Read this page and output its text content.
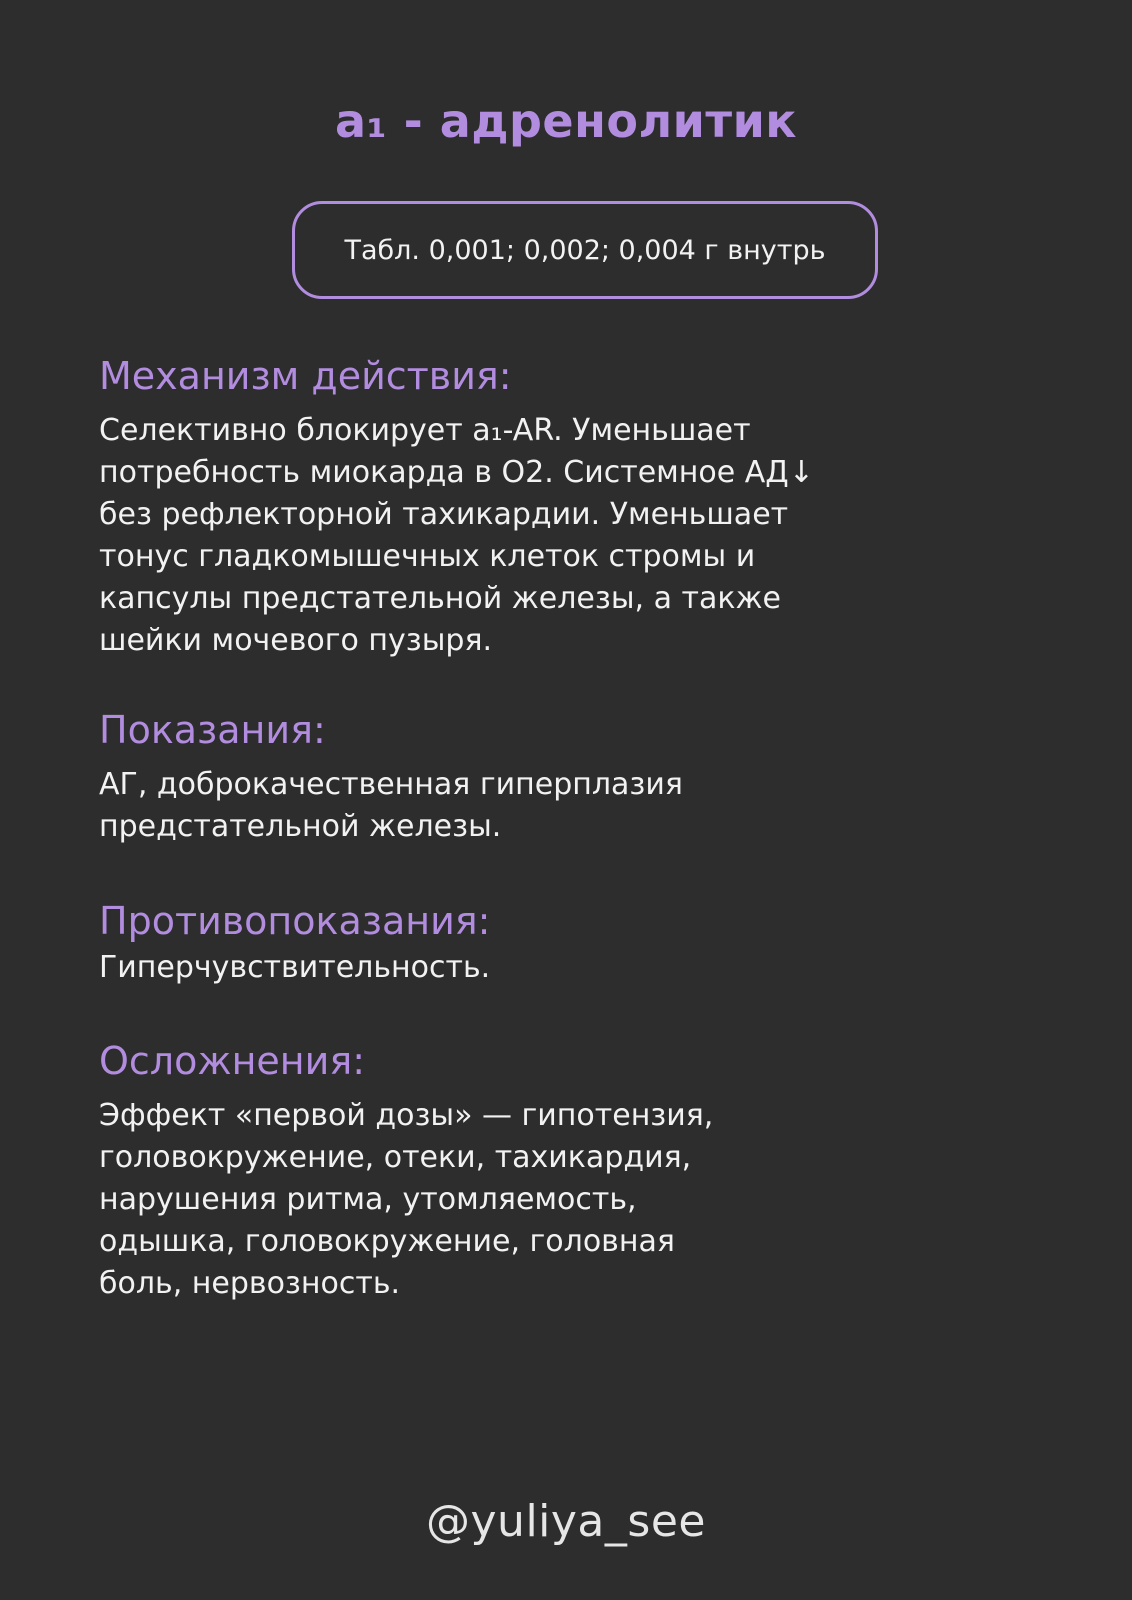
a₁ - адренолитик
Табл. 0,001; 0,002; 0,004 г внутрь
Механизм действия:

Селективно блокирует a₁-AR. Уменьшает
потребность миокарда в О2. Системное АД↓
без рефлекторной тахикардии. Уменьшает
тонус гладкомышечных клеток стромы и
капсулы предстательной железы, а также
шейки мочевого пузыря.

Показания:

АГ, доброкачественная гиперплазия
предстательной железы.

Противопоказания:

Гиперчувствительность.

Осложнения:

Эффект «первой дозы» — гипотензия,
головокружение, отеки, тахикардия,
нарушения ритма, утомляемость,
одышка, головокружение, головная
боль, нервозность.

@yuliya_see
